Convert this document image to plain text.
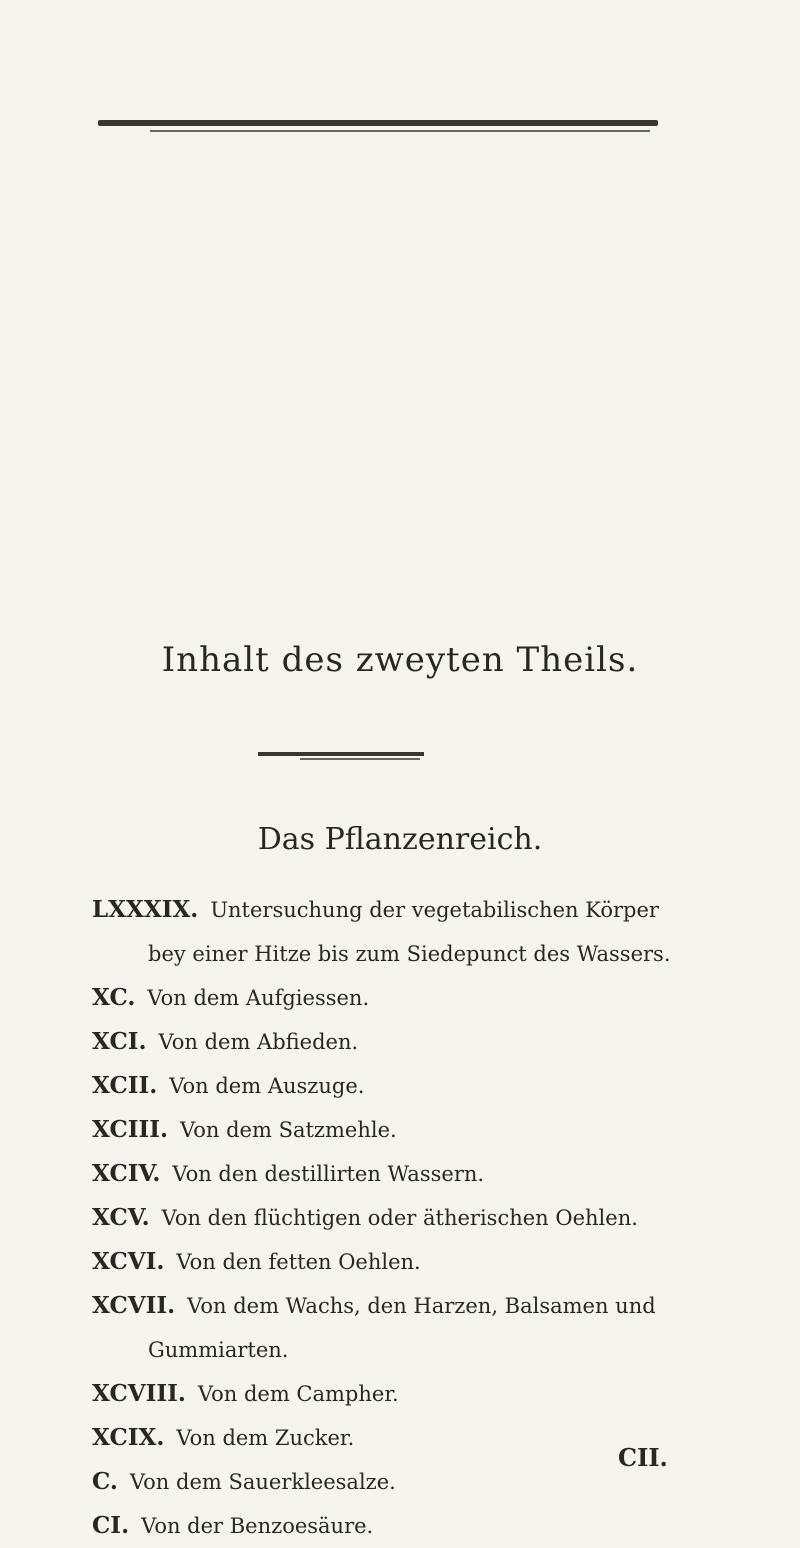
Inhalt des zweyten Theils.
Das Pflanzenreich.
LXXXIX. Untersuchung der vegetabilischen Körper
bey einer Hitze bis zum Siedepunct des Wassers.
XC. Von dem Aufgiessen.
XCI. Von dem Abfieden.
XCII. Von dem Auszuge.
XCIII. Von dem Satzmehle.
XCIV. Von den destillirten Wassern.
XCV. Von den flüchtigen oder ätherischen Oehlen.
XCVI. Von den fetten Oehlen.
XCVII. Von dem Wachs, den Harzen, Balsamen und
Gummiarten.
XCVIII. Von dem Campher.
XCIX. Von dem Zucker.
C. Von dem Sauerkleesalze.
CI. Von der Benzoesäure.
CII.
